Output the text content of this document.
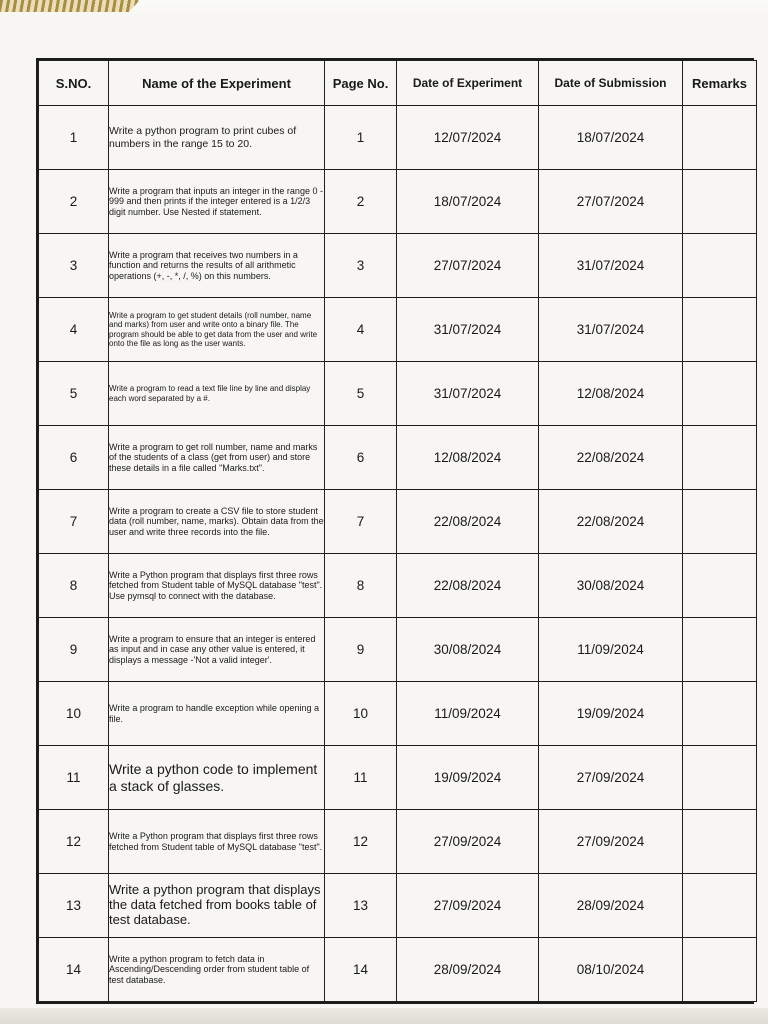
S.NO.	Name of the Experiment	Page No.	Date of Experiment	Date of Submission	Remarks
1	Write a python program to print cubes of numbers in the range 15 to 20.	1	12/07/2024	18/07/2024	
2	Write a program that inputs an integer in the range 0 - 999 and then prints if the integer entered is a 1/2/3 digit number. Use Nested if statement.	2	18/07/2024	27/07/2024	
3	Write a program that receives two numbers in a function and returns the results of all arithmetic operations (+, -, *, /, %) on this numbers.	3	27/07/2024	31/07/2024	
4	Write a program to get student details (roll number, name and marks) from user and write onto a binary file. The program should be able to get data from the user and write onto the file as long as the user wants.	4	31/07/2024	31/07/2024	
5	Write a program to read a text file line by line and display each word separated by a #.	5	31/07/2024	12/08/2024	
6	Write a program to get roll number, name and marks of the students of a class (get from user) and store these details in a file called "Marks.txt".	6	12/08/2024	22/08/2024	
7	Write a program to create a CSV file to store student data (roll number, name, marks). Obtain data from the user and write three records into the file.	7	22/08/2024	22/08/2024	
8	Write a Python program that displays first three rows fetched from Student table of MySQL database "test". Use pymsql to connect with the database.	8	22/08/2024	30/08/2024	
9	Write a program to ensure that an integer is entered as input and in case any other value is entered, it displays a message -'Not a valid integer'.	9	30/08/2024	11/09/2024	
10	Write a program to handle exception while opening a file.	10	11/09/2024	19/09/2024	
11	Write a python code to implement a stack of glasses.	11	19/09/2024	27/09/2024	
12	Write a Python program that displays first three rows fetched from Student table of MySQL database "test".	12	27/09/2024	27/09/2024	
13	Write a python program that displays the data fetched from books table of test database.	13	27/09/2024	28/09/2024	
14	Write a python program to fetch data in Ascending/Descending order from student table of test database.	14	28/09/2024	08/10/2024	
